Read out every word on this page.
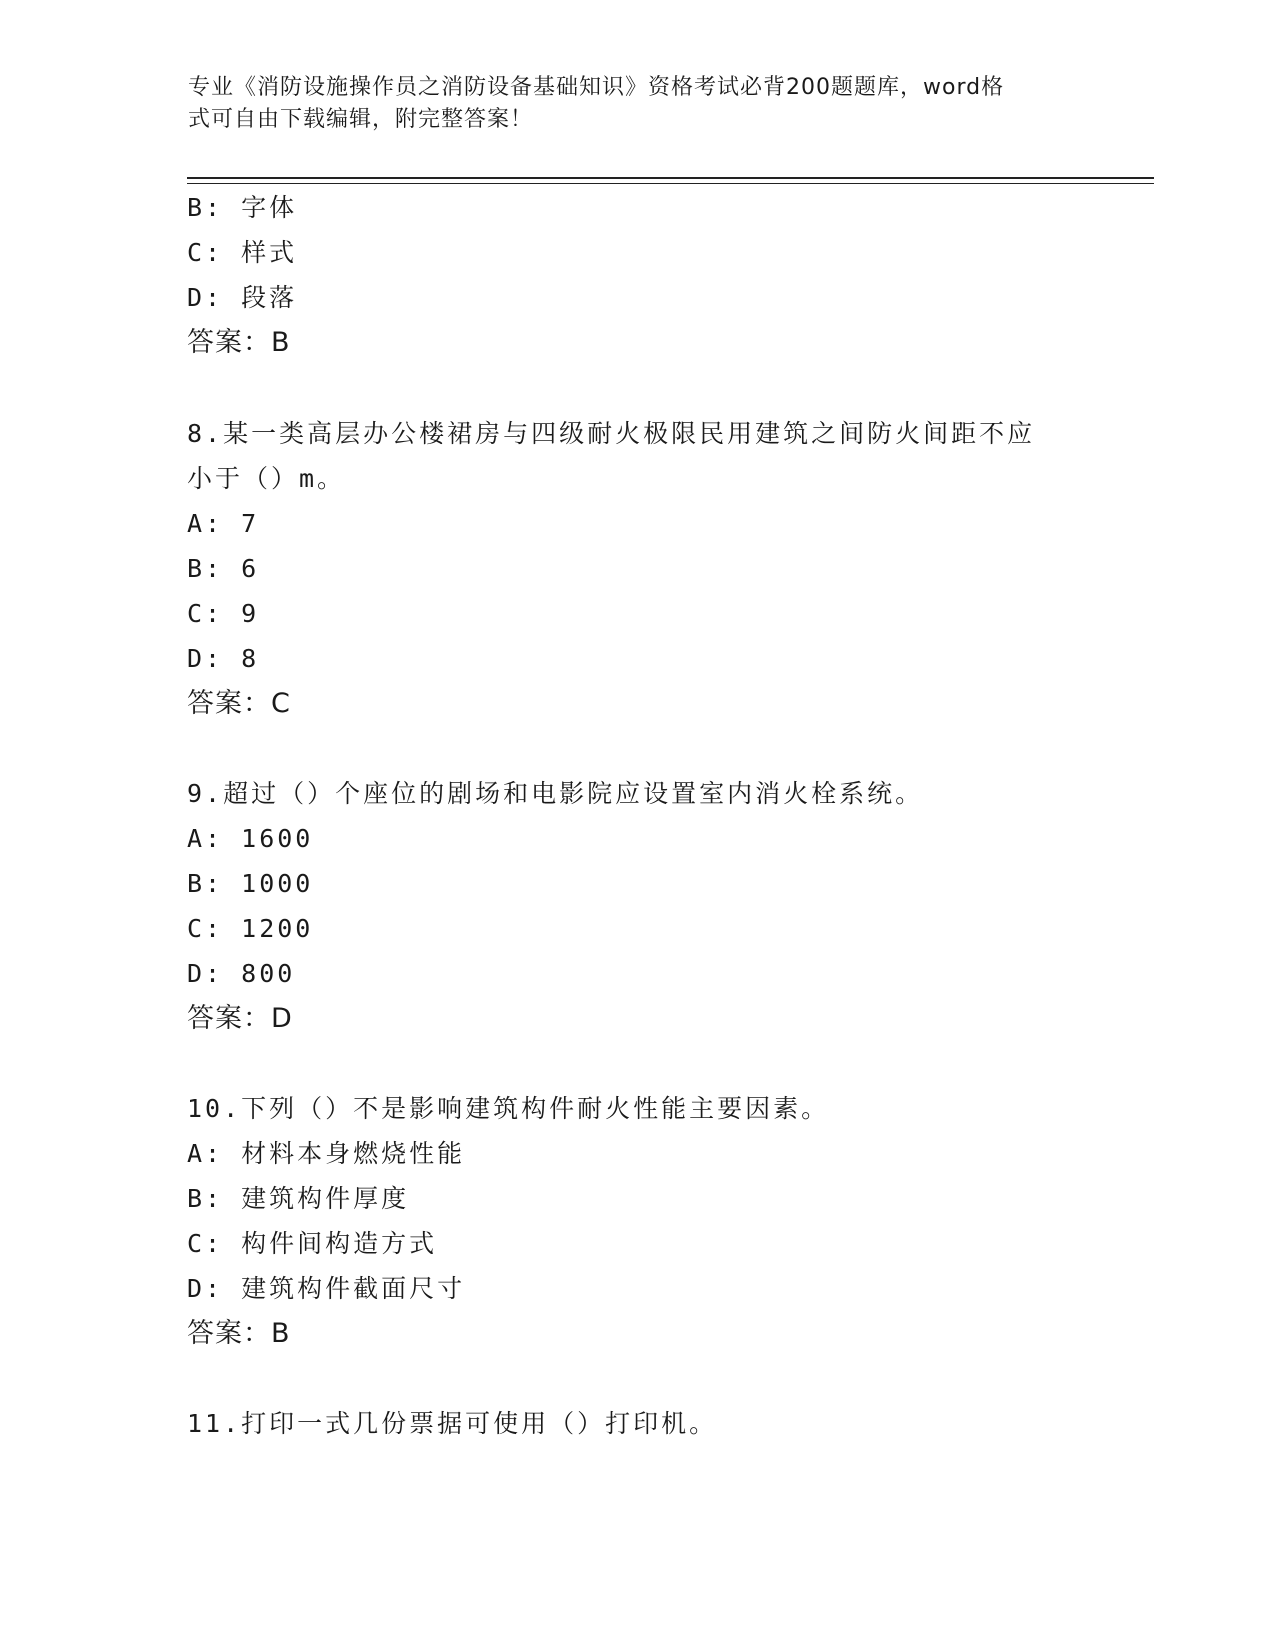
专业《消防设施操作员之消防设备基础知识》资格考试必背200题题库，word格
式可自由下载编辑，附完整答案！
B: 字体
C: 样式
D: 段落
答案：B
8.某一类高层办公楼裙房与四级耐火极限民用建筑之间防火间距不应
小于（）m。
A: 7
B: 6
C: 9
D: 8
答案：C
9.超过（）个座位的剧场和电影院应设置室内消火栓系统。
A: 1600
B: 1000
C: 1200
D: 800
答案：D
10.下列（）不是影响建筑构件耐火性能主要因素。
A: 材料本身燃烧性能
B: 建筑构件厚度
C: 构件间构造方式
D: 建筑构件截面尺寸
答案：B
11.打印一式几份票据可使用（）打印机。
